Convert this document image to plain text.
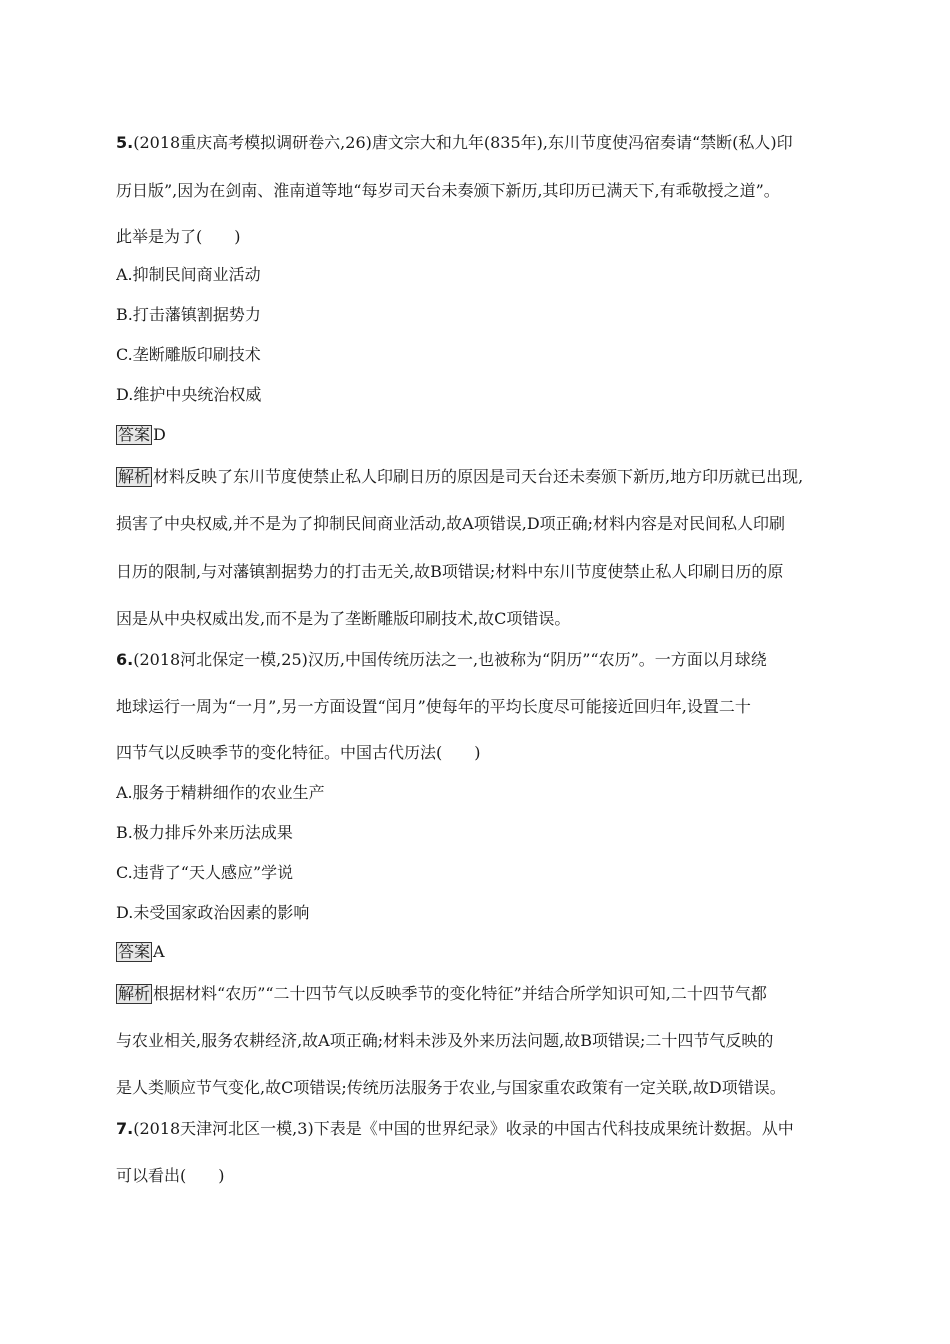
5.(2018重庆高考模拟调研卷六,26)唐文宗大和九年(835年),东川节度使冯宿奏请“禁断(私人)印
历日版”,因为在剑南、淮南道等地“每岁司天台未奏颁下新历,其印历已满天下,有乖敬授之道”。
此举是为了(　　)
A.抑制民间商业活动
B.打击藩镇割据势力
C.垄断雕版印刷技术
D.维护中央统治权威
答案 D
解析 材料反映了东川节度使禁止私人印刷日历的原因是司天台还未奏颁下新历,地方印历就已出现,
损害了中央权威,并不是为了抑制民间商业活动,故A项错误,D项正确;材料内容是对民间私人印刷
日历的限制,与对藩镇割据势力的打击无关,故B项错误;材料中东川节度使禁止私人印刷日历的原
因是从中央权威出发,而不是为了垄断雕版印刷技术,故C项错误。
6.(2018河北保定一模,25)汉历,中国传统历法之一,也被称为“阴历”“农历”。一方面以月球绕
地球运行一周为“一月”,另一方面设置“闰月”使每年的平均长度尽可能接近回归年,设置二十
四节气以反映季节的变化特征。中国古代历法(　　)
A.服务于精耕细作的农业生产
B.极力排斥外来历法成果
C.违背了“天人感应”学说
D.未受国家政治因素的影响
答案 A
解析 根据材料“农历”“二十四节气以反映季节的变化特征”并结合所学知识可知,二十四节气都
与农业相关,服务农耕经济,故A项正确;材料未涉及外来历法问题,故B项错误;二十四节气反映的
是人类顺应节气变化,故C项错误;传统历法服务于农业,与国家重农政策有一定关联,故D项错误。
7.(2018天津河北区一模,3)下表是《中国的世界纪录》收录的中国古代科技成果统计数据。从中
可以看出(　　)
